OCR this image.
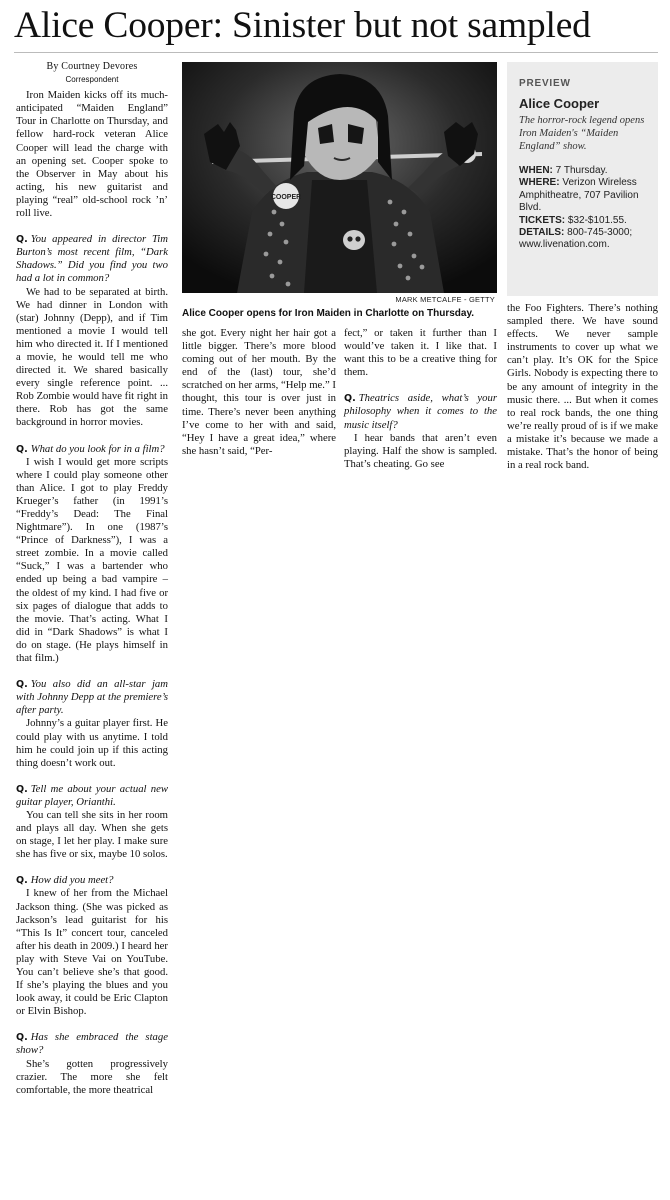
Alice Cooper: Sinister but not sampled

By Courtney Devores

Correspondent

Iron Maiden kicks off its much-anticipated “Maiden England” Tour in Charlotte on Thursday, and fellow hard-rock veteran Alice Cooper will lead the charge with an opening set. Cooper spoke to the Observer in May about his acting, his new guitarist and playing “real” old-school rock ’n’ roll live.

Q. You appeared in director Tim Burton’s most recent film, “Dark Shadows.” Did you find you two had a lot in common?

We had to be separated at birth. We had dinner in London with (star) Johnny (Depp), and if Tim mentioned a movie I would tell him who directed it. If I mentioned a movie, he would tell me who directed it. We shared basically every single reference point. ... Rob Zombie would have fit right in there. Rob has got the same background in horror movies.

Q. What do you look for in a film?

I wish I would get more scripts where I could play someone other than Alice. I got to play Freddy Krueger’s father (in 1991’s “Freddy’s Dead: The Final Nightmare”). In one (1987’s “Prince of Darkness”), I was a street zombie. In a movie called “Suck,” I was a bartender who ended up being a bad vampire – the oldest of my kind. I had five or six pages of dialogue that adds to the movie. That’s acting. What I did in “Dark Shadows” is what I do on stage. (He plays himself in that film.)

Q. You also did an all-star jam with Johnny Depp at the premiere’s after party.

Johnny’s a guitar player first. He could play with us anytime. I told him he could join up if this acting thing doesn’t work out.

Q. Tell me about your actual new guitar player, Orianthi.

You can tell she sits in her room and plays all day. When she gets on stage, I let her play. I make sure she has five or six, maybe 10 solos.

Q. How did you meet?

I knew of her from the Michael Jackson thing. (She was picked as Jackson’s lead guitarist for his “This Is It” concert tour, canceled after his death in 2009.) I heard her play with Steve Vai on YouTube. You can’t believe she’s that good. If she’s playing the blues and you look away, it could be Eric Clapton or Elvin Bishop.

Q. Has she embraced the stage show?

She’s gotten progressively crazier. The more she felt comfortable, the more theatrical

COOPER
MARK METCALFE - GETTY
Alice Cooper opens for Iron Maiden in Charlotte on Thursday.
PREVIEW
Alice Cooper
The horror-rock legend opens Iron Maiden's “Maiden England” show.
WHEN: 7 Thursday.
WHERE: Verizon Wireless Amphitheatre, 707 Pavilion Blvd.
TICKETS: $32-$101.55.
DETAILS: 800-745-3000; www.livenation.com.

she got. Every night her hair got a little bigger. There’s more blood coming out of her mouth. By the end of the (last) tour, she’d scratched on her arms, “Help me.” I thought, this tour is over just in time. There’s never been anything I’ve come to her with and said, “Hey I have a great idea,” where she hasn’t said, “Per-

fect,” or taken it further than I would’ve taken it. I like that. I want this to be a creative thing for them.

Q. Theatrics aside, what’s your philosophy when it comes to the music itself?

I hear bands that aren’t even playing. Half the show is sampled. That’s cheating. Go see

the Foo Fighters. There’s nothing sampled there. We have sound effects. We never sample instruments to cover up what we can’t play. It’s OK for the Spice Girls. Nobody is expecting there to be any amount of integrity in the music there. ... But when it comes to real rock bands, the one thing we’re really proud of is if we make a mistake it’s because we made a mistake. That’s the honor of being in a real rock band.
